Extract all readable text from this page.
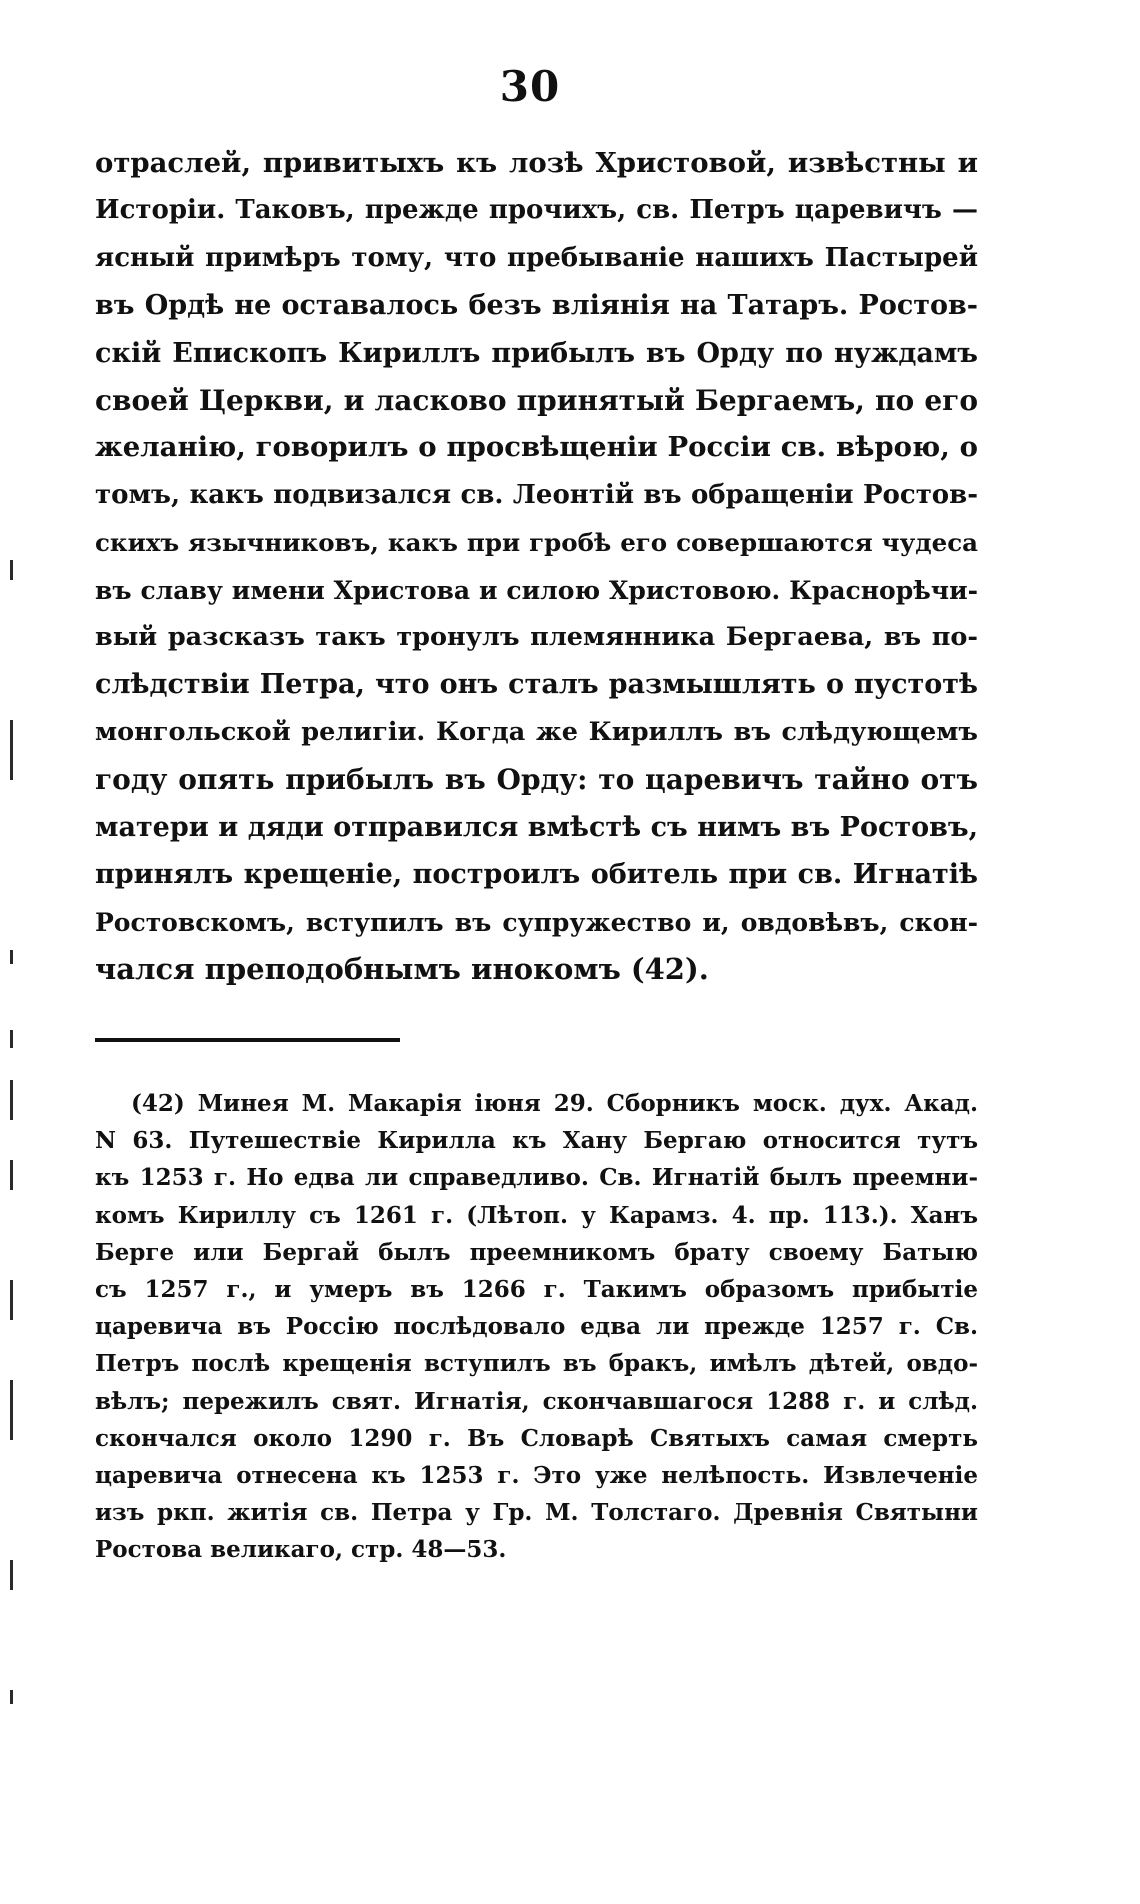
30
отраслей, привитыхъ къ лозѣ Христовой, извѣстны и
Исторіи. Таковъ, прежде прочихъ, св. Петръ царевичъ —
ясный примѣръ тому, что пребываніе нашихъ Пастырей
въ Ордѣ не оставалось безъ вліянія на Татаръ. Ростов-
скій Епископъ Кириллъ прибылъ въ Орду по нуждамъ
своей Церкви, и ласково принятый Бергаемъ, по его
желанію, говорилъ о просвѣщеніи Россіи св. вѣрою, о
томъ, какъ подвизался св. Леонтій въ обращеніи Ростов-
скихъ язычниковъ, какъ при гробѣ его совершаются чудеса
въ славу имени Христова и силою Христовою. Краснорѣчи-
вый разсказъ такъ тронулъ племянника Бергаева, въ по-
слѣдствіи Петра, что онъ сталъ размышлять о пустотѣ
монгольской религіи. Когда же Кириллъ въ слѣдующемъ
году опять прибылъ въ Орду: то царевичъ тайно отъ
матери и дяди отправился вмѣстѣ съ нимъ въ Ростовъ,
принялъ крещеніе, построилъ обитель при св. Игнатіѣ
Ростовскомъ, вступилъ въ супружество и, овдовѣвъ, скон-
чался преподобнымъ инокомъ (42).
(42) Минея М. Макарія іюня 29. Сборникъ моск. дух. Акад.
N 63. Путешествіе Кирилла къ Хану Бергаю относится тутъ
къ 1253 г. Но едва ли справедливо. Св. Игнатій былъ преемни-
комъ Кириллу съ 1261 г. (Лѣтоп. у Карамз. 4. пр. 113.). Ханъ
Берге или Бергай былъ преемникомъ брату своему Батыю
съ 1257 г., и умеръ въ 1266 г. Такимъ образомъ прибытіе
царевича въ Россію послѣдовало едва ли прежде 1257 г. Св.
Петръ послѣ крещенія вступилъ въ бракъ, имѣлъ дѣтей, овдо-
вѣлъ; пережилъ свят. Игнатія, скончавшагося 1288 г. и слѣд.
скончался около 1290 г. Въ Словарѣ Святыхъ самая смерть
царевича отнесена къ 1253 г. Это уже нелѣпость. Извлеченіе
изъ ркп. житія св. Петра у Гр. М. Толстаго. Древнія Святыни
Ростова великаго, стр. 48—53.
